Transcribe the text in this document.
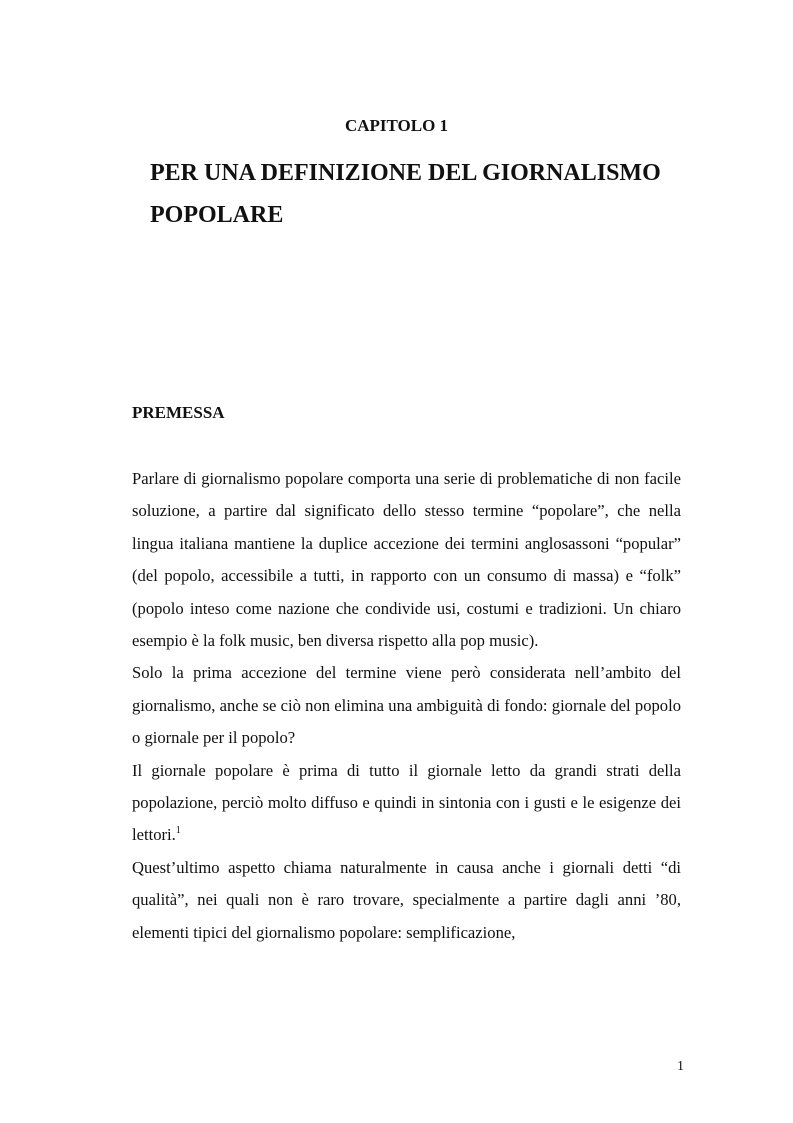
CAPITOLO 1
PER UNA DEFINIZIONE DEL GIORNALISMO
POPOLARE
PREMESSA

Parlare di giornalismo popolare comporta una serie di problematiche di non facile soluzione, a partire dal significato dello stesso termine “popolare”, che nella lingua italiana mantiene la duplice accezione dei termini anglosassoni “popular” (del popolo, accessibile a tutti, in rapporto con un consumo di massa) e “folk” (popolo inteso come nazione che condivide usi, costumi e tradizioni. Un chiaro esempio è la folk music, ben diversa rispetto alla pop music).

Solo la prima accezione del termine viene però considerata nell’ambito del giornalismo, anche se ciò non elimina una ambiguità di fondo: giornale del popolo o giornale per il popolo?

Il giornale popolare è prima di tutto il giornale letto da grandi strati della popolazione, perciò molto diffuso e quindi in sintonia con i gusti e le esigenze dei lettori.$^1$

Quest’ultimo aspetto chiama naturalmente in causa anche i giornali detti “di qualità”, nei quali non è raro trovare, specialmente a partire dagli anni ’80, elementi tipici del giornalismo popolare: semplificazione,

1
